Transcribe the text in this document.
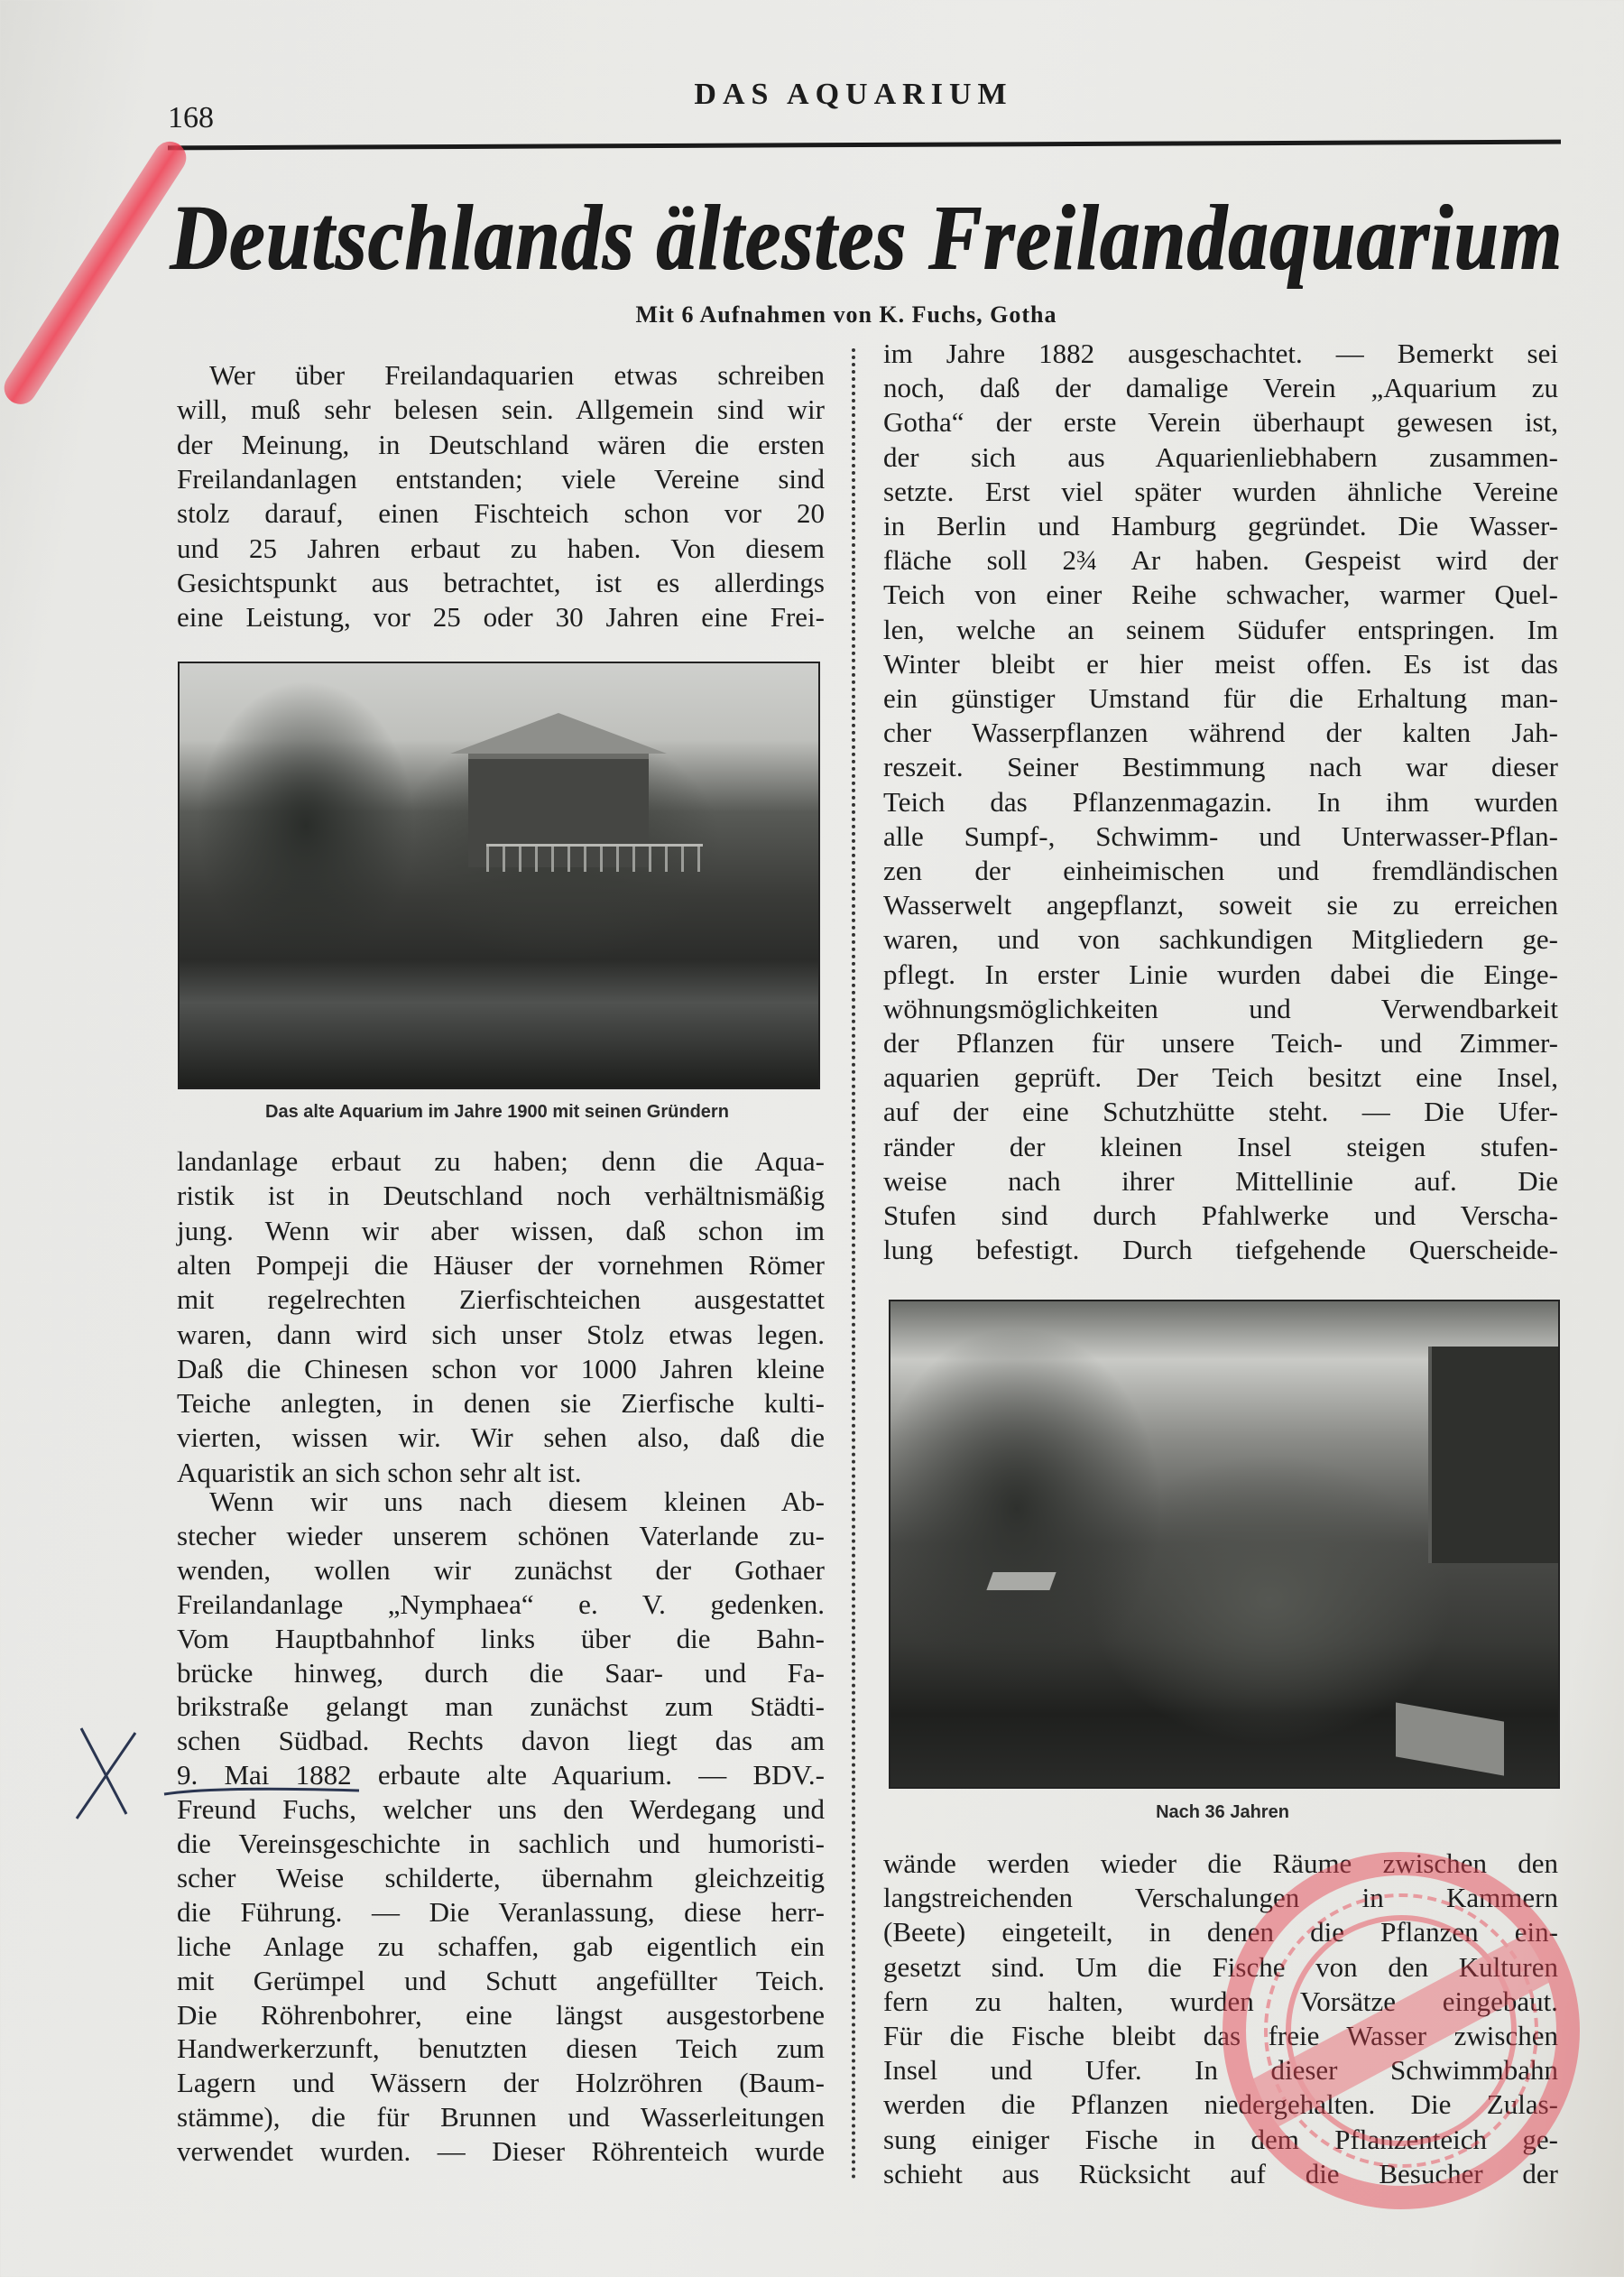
168
DAS AQUARIUM
Deutschlands ältestes Freilandaquarium
Mit 6 Aufnahmen von K. Fuchs, Gotha
Wer über Freilandaquarien etwas schreiben
will, muß sehr belesen sein. Allgemein sind wir
der Meinung, in Deutschland wären die ersten
Freilandanlagen entstanden; viele Vereine sind
stolz darauf, einen Fischteich schon vor 20
und 25 Jahren erbaut zu haben. Von diesem
Gesichtspunkt aus betrachtet, ist es allerdings
eine Leistung, vor 25 oder 30 Jahren eine Frei-
landanlage erbaut zu haben; denn die Aqua-
ristik ist in Deutschland noch verhältnismäßig
jung. Wenn wir aber wissen, daß schon im
alten Pompeji die Häuser der vornehmen Römer
mit regelrechten Zierfischteichen ausgestattet
waren, dann wird sich unser Stolz etwas legen.
Daß die Chinesen schon vor 1000 Jahren kleine
Teiche anlegten, in denen sie Zierfische kulti-
vierten, wissen wir. Wir sehen also, daß die
Aquaristik an sich schon sehr alt ist.
Wenn wir uns nach diesem kleinen Ab-
stecher wieder unserem schönen Vaterlande zu-
wenden, wollen wir zunächst der Gothaer
Freilandanlage „Nymphaea“ e. V. gedenken.
Vom Hauptbahnhof links über die Bahn-
brücke hinweg, durch die Saar- und Fa-
brikstraße gelangt man zunächst zum Städti-
schen Südbad. Rechts davon liegt das am
9. Mai 1882 erbaute alte Aquarium. — BDV.-
Freund Fuchs, welcher uns den Werdegang und
die Vereinsgeschichte in sachlich und humoristi-
scher Weise schilderte, übernahm gleichzeitig
die Führung. — Die Veranlassung, diese herr-
liche Anlage zu schaffen, gab eigentlich ein
mit Gerümpel und Schutt angefüllter Teich.
Die Röhrenbohrer, eine längst ausgestorbene
Handwerkerzunft, benutzten diesen Teich zum
Lagern und Wässern der Holzröhren (Baum-
stämme), die für Brunnen und Wasserleitungen
verwendet wurden. — Dieser Röhrenteich wurde
im Jahre 1882 ausgeschachtet. — Bemerkt sei
noch, daß der damalige Verein „Aquarium zu
Gotha“ der erste Verein überhaupt gewesen ist,
der sich aus Aquarienliebhabern zusammen-
setzte. Erst viel später wurden ähnliche Vereine
in Berlin und Hamburg gegründet. Die Wasser-
fläche soll 2¾ Ar haben. Gespeist wird der
Teich von einer Reihe schwacher, warmer Quel-
len, welche an seinem Südufer entspringen. Im
Winter bleibt er hier meist offen. Es ist das
ein günstiger Umstand für die Erhaltung man-
cher Wasserpflanzen während der kalten Jah-
reszeit. Seiner Bestimmung nach war dieser
Teich das Pflanzenmagazin. In ihm wurden
alle Sumpf-, Schwimm- und Unterwasser-Pflan-
zen der einheimischen und fremdländischen
Wasserwelt angepflanzt, soweit sie zu erreichen
waren, und von sachkundigen Mitgliedern ge-
pflegt. In erster Linie wurden dabei die Einge-
wöhnungsmöglichkeiten und Verwendbarkeit
der Pflanzen für unsere Teich- und Zimmer-
aquarien geprüft. Der Teich besitzt eine Insel,
auf der eine Schutzhütte steht. — Die Ufer-
ränder der kleinen Insel steigen stufen-
weise nach ihrer Mittellinie auf. Die
Stufen sind durch Pfahlwerke und Verscha-
lung befestigt. Durch tiefgehende Querscheide-
wände werden wieder die Räume zwischen den
langstreichenden Verschalungen in Kammern
(Beete) eingeteilt, in denen die Pflanzen ein-
gesetzt sind. Um die Fische von den Kulturen
fern zu halten, wurden Vorsätze eingebaut.
Für die Fische bleibt das freie Wasser zwischen
Insel und Ufer. In dieser Schwimmbahn
werden die Pflanzen niedergehalten. Die Zulas-
sung einiger Fische in dem Pflanzenteich ge-
schieht aus Rücksicht auf die Besucher der
Das alte Aquarium im Jahre 1900 mit seinen Gründern
Nach 36 Jahren
